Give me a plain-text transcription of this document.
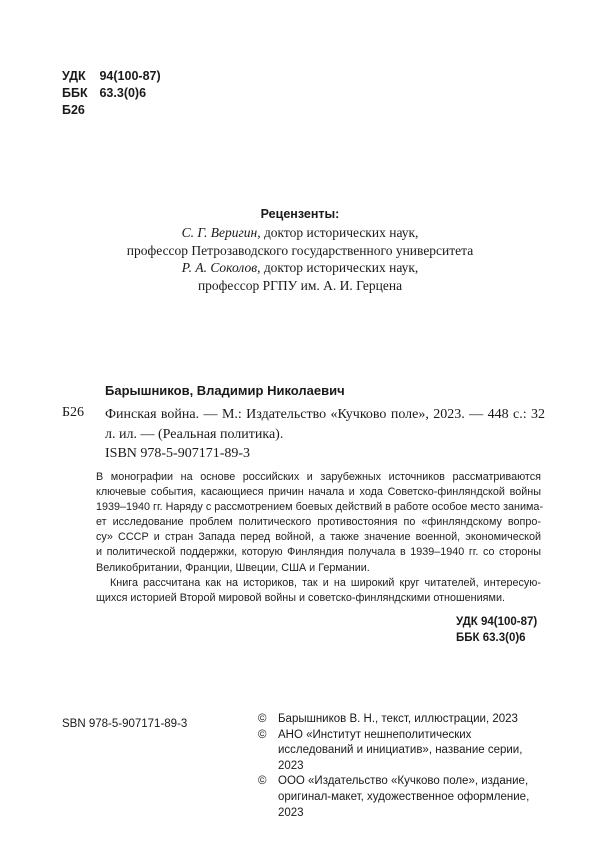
УДК 94(100-87)
ББК 63.3(0)6
Б26
Рецензенты:
С. Г. Веригин, доктор исторических наук,
профессор Петрозаводского государственного университета
Р. А. Соколов, доктор исторических наук,
профессор РГПУ им. А. И. Герцена
Барышников, Владимир Николаевич
Б26 Финская война. — М.: Издательство «Кучково поле», 2023. — 448 с.: 32 л. ил. — (Реальная политика).
ISBN 978-5-907171-89-3
В монографии на основе российских и зарубежных источников рассматриваются
ключевые события, касающиеся причин начала и хода Советско-финляндской войны
1939–1940 гг. Наряду с рассмотрением боевых действий в работе особое место занима-
ет исследование проблем политического противостояния по «финляндскому вопро-
су» СССР и стран Запада перед войной, а также значение военной, экономической
и политической поддержки, которую Финляндия получала в 1939–1940 гг. со стороны
Великобритании, Франции, Швеции, США и Германии.
Книга рассчитана как на историков, так и на широкий круг читателей, интересую-
щихся историей Второй мировой войны и советско-финляндскими отношениями.
УДК 94(100-87)
ББК 63.3(0)6
SBN 978-5-907171-89-3	©	Барышников В. Н., текст, иллюстрации, 2023
©	АНО «Институт нешнеполитических
исследований и инициатив», название серии, 2023
©	ООО «Издательство «Кучково поле», издание,
оригинал-макет, художественное оформление, 2023
